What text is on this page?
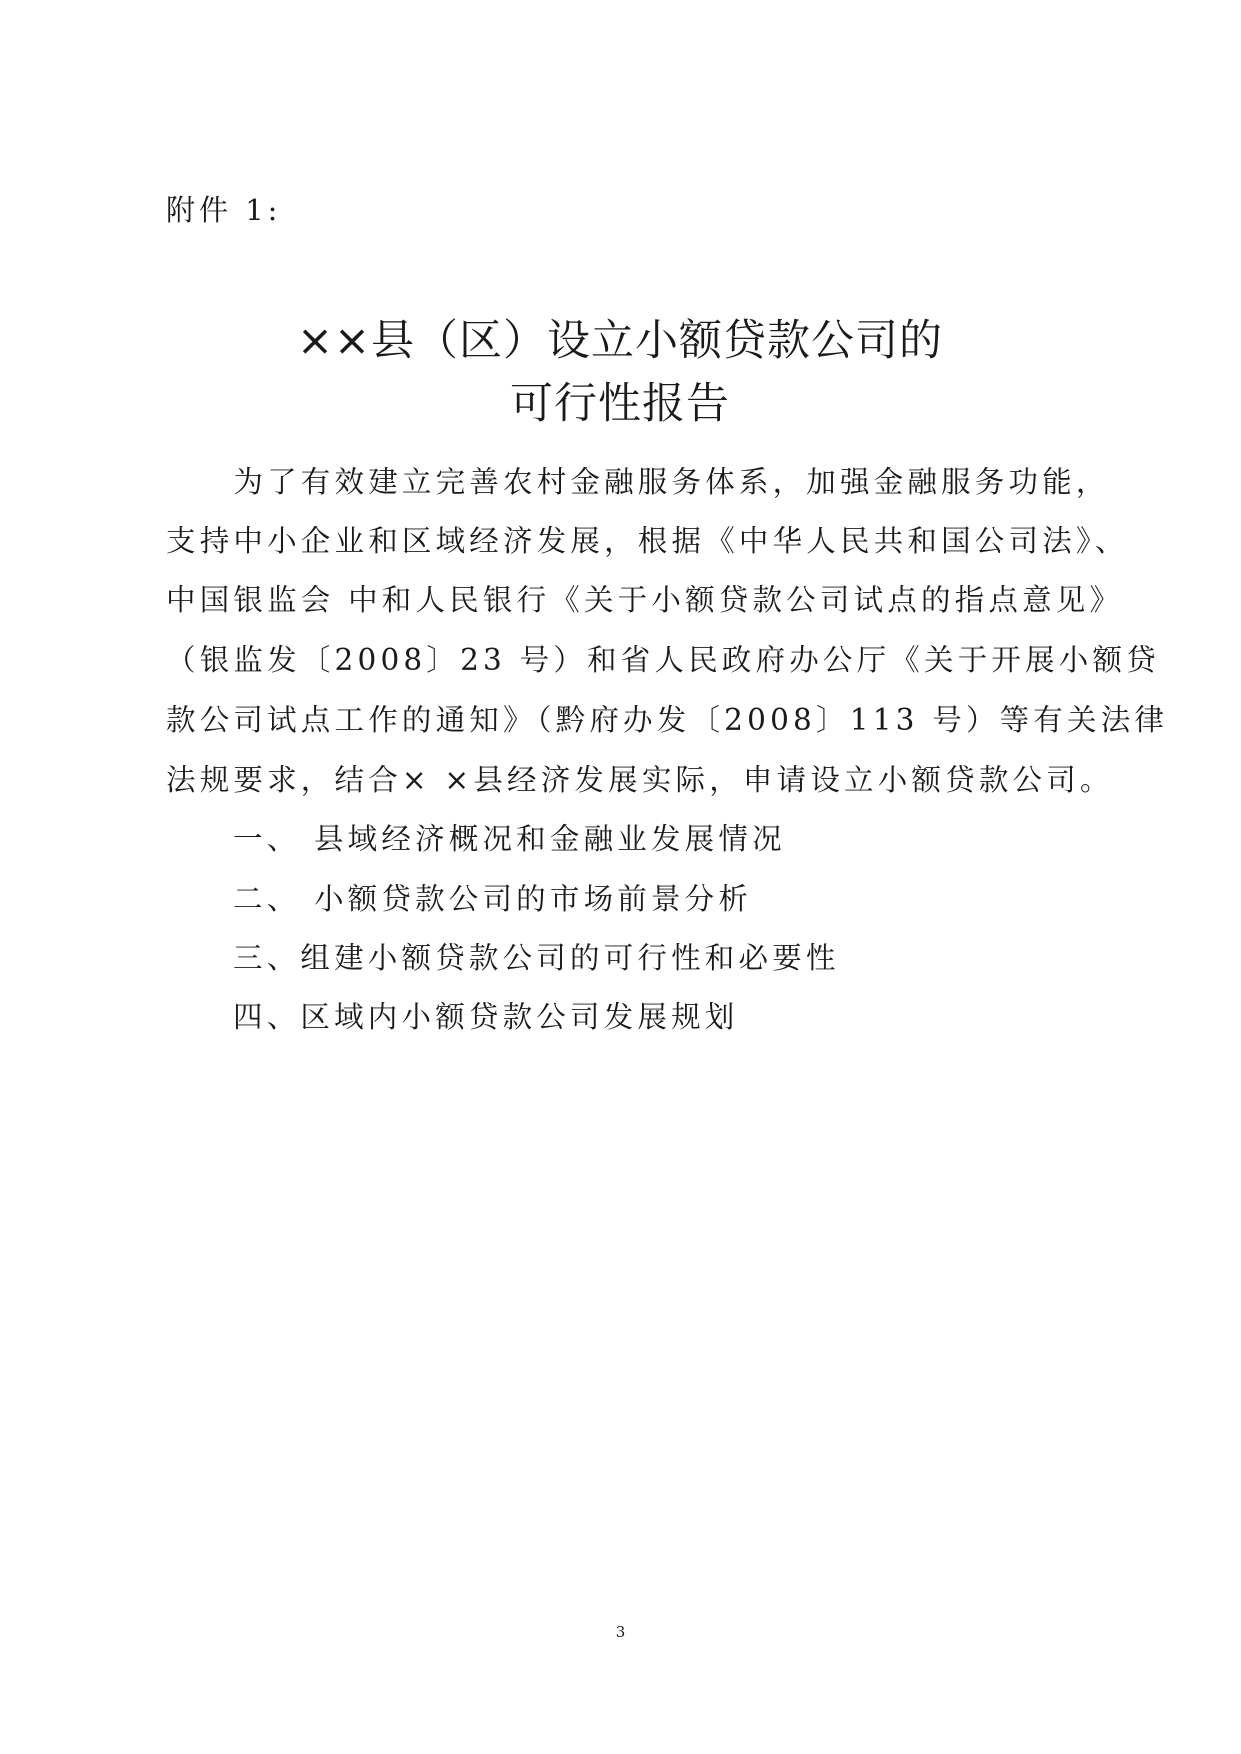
附件 1:
××县（区）设立小额贷款公司的
可行性报告
　　为了有效建立完善农村金融服务体系，加强金融服务功能，
支持中小企业和区域经济发展，根据《中华人民共和国公司法》、
中国银监会 中和人民银行《关于小额贷款公司试点的指点意见》
（银监发〔2008〕23 号）和省人民政府办公厅《关于开展小额贷
款公司试点工作的通知》（黔府办发〔2008〕113 号）等有关法律
法规要求，结合× ×县经济发展实际，申请设立小额贷款公司。
一、 县域经济概况和金融业发展情况
二、 小额贷款公司的市场前景分析
三、组建小额贷款公司的可行性和必要性
四、区域内小额贷款公司发展规划
3
